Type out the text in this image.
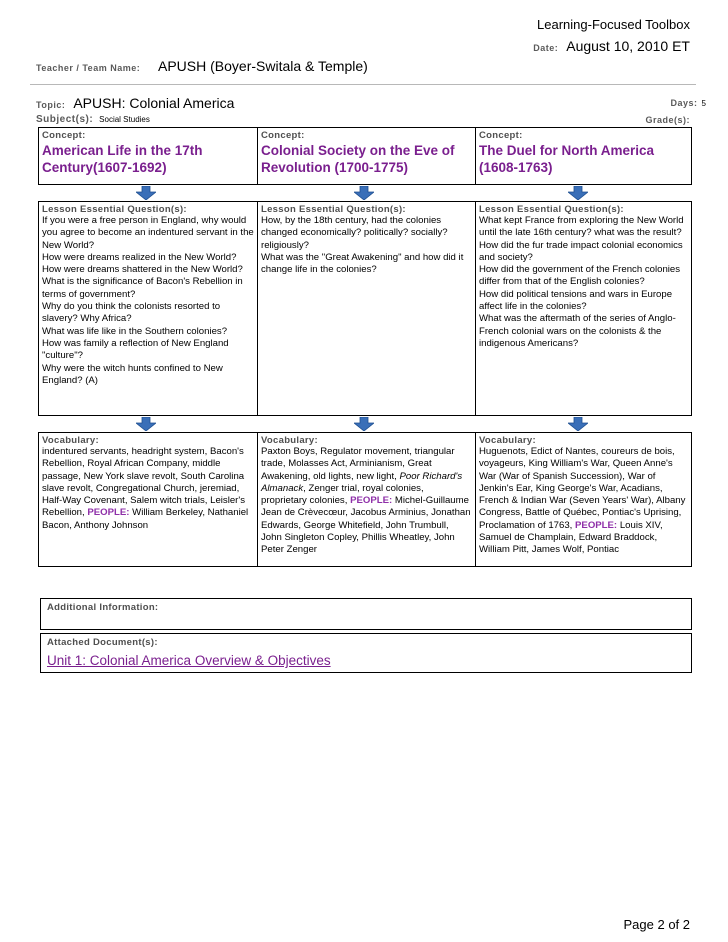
Learning-Focused Toolbox
Date: August 10, 2010 ET
Teacher / Team Name: APUSH (Boyer-Switala & Temple)
Topic: APUSH: Colonial America
Subject(s): Social Studies
Days: 5
Grade(s):
Concept:
American Life in the 17th Century(1607-1692)
Concept:
Colonial Society on the Eve of Revolution (1700-1775)
Concept:
The Duel for North America (1608-1763)
Lesson Essential Question(s):
If you were a free person in England, why would you agree to become an indentured servant in the New World?
How were dreams realized in the New World?
How were dreams shattered in the New World?
What is the significance of Bacon's Rebellion in terms of government?
Why do you think the colonists resorted to slavery? Why Africa?
What was life like in the Southern colonies?
How was family a reflection of New England "culture"?
Why were the witch hunts confined to New England? (A)
Lesson Essential Question(s):
How, by the 18th century, had the colonies changed economically? politically? socially? religiously?
What was the "Great Awakening" and how did it change life in the colonies?
Lesson Essential Question(s):
What kept France from exploring the New World until the late 16th century? what was the result?
How did the fur trade impact colonial economics and society?
How did the government of the French colonies differ from that of the English colonies?
How did political tensions and wars in Europe affect life in the colonies?
What was the aftermath of the series of Anglo-French colonial wars on the colonists & the indigenous Americans?
Vocabulary:
indentured servants, headright system, Bacon's Rebellion, Royal African Company, middle passage, New York slave revolt, South Carolina slave revolt, Congregational Church, jeremiad, Half-Way Covenant, Salem witch trials, Leisler's Rebellion, PEOPLE: William Berkeley, Nathaniel Bacon, Anthony Johnson
Vocabulary:
Paxton Boys, Regulator movement, triangular trade, Molasses Act, Arminianism, Great Awakening, old lights, new light, Poor Richard's Almanack, Zenger trial, royal colonies, proprietary colonies, PEOPLE: Michel-Guillaume Jean de Crèvecœur, Jacobus Arminius, Jonathan Edwards, George Whitefield, John Trumbull, John Singleton Copley, Phillis Wheatley, John Peter Zenger
Vocabulary:
Huguenots, Edict of Nantes, coureurs de bois, voyageurs, King William's War, Queen Anne's War (War of Spanish Succession), War of Jenkin's Ear, King George's War, Acadians, French & Indian War (Seven Years' War), Albany Congress, Battle of Québec, Pontiac's Uprising, Proclamation of 1763, PEOPLE: Louis XIV, Samuel de Champlain, Edward Braddock, William Pitt, James Wolf, Pontiac
Additional Information:
Attached Document(s):
Unit 1: Colonial America Overview & Objectives
Page 2 of 2
